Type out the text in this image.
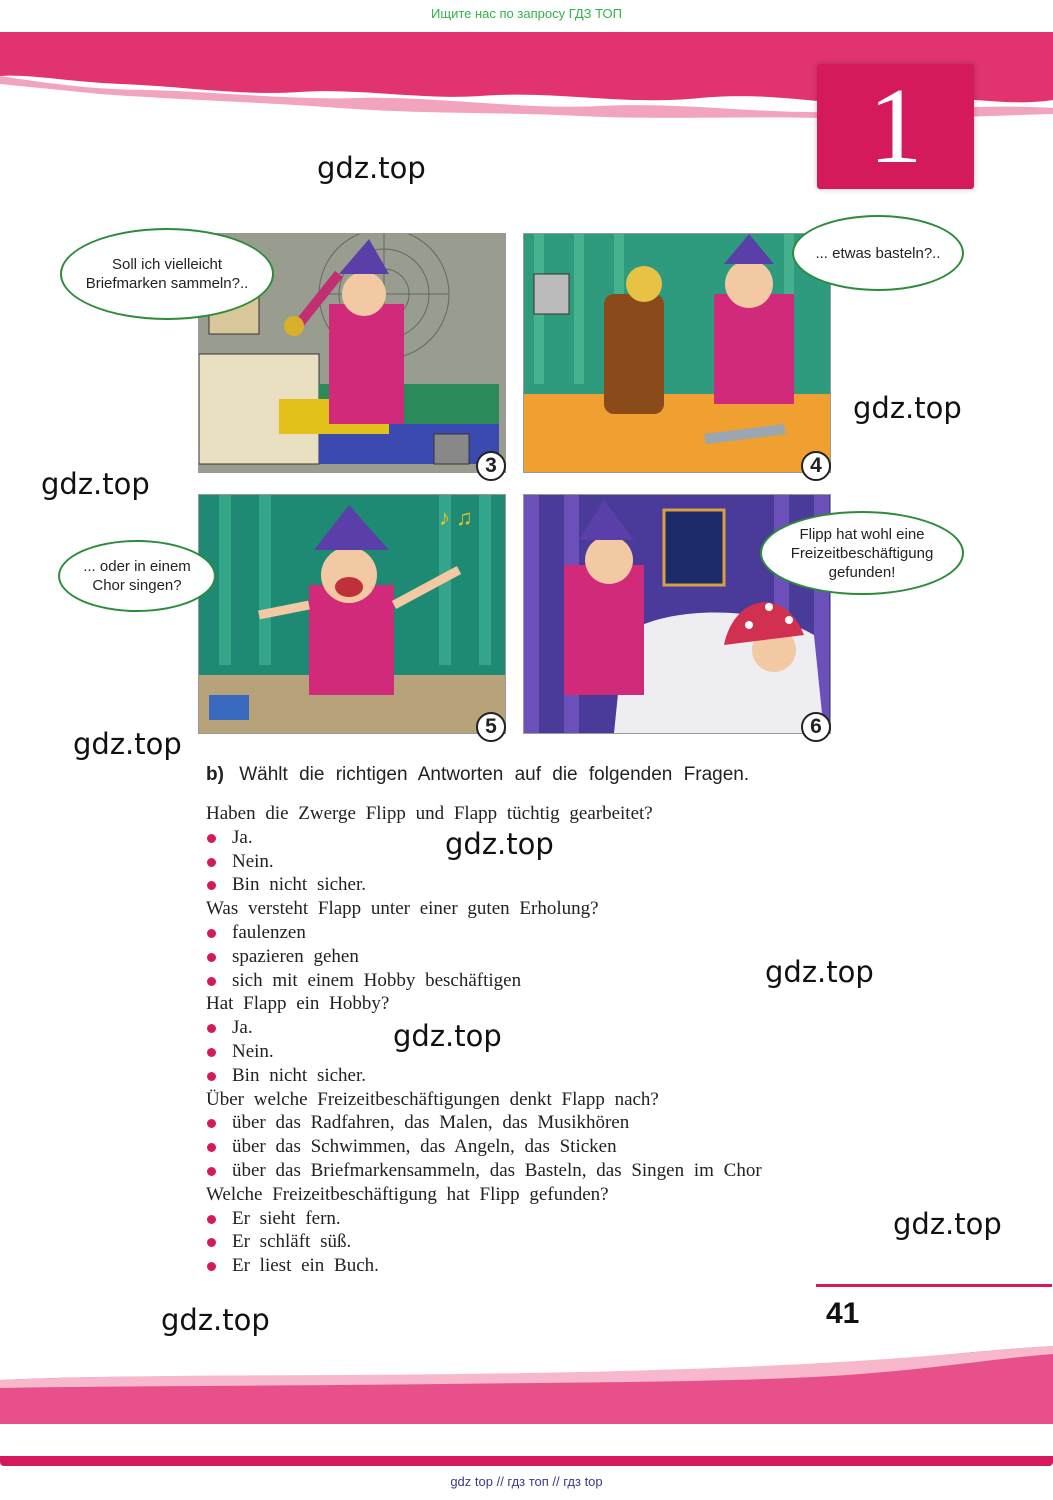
Ищите нас по запросу ГДЗ ТОП
1
gdz.top
gdz.top
gdz.top
gdz.top
gdz.top
gdz.top
gdz.top
gdz.top
gdz.top
3
Soll ich vielleicht Briefmarken sammeln?..
4
... etwas basteln?..
♪ ♫
5
... oder in einem Chor singen?
6
Flipp hat wohl eine Freizeitbeschäftigung gefunden!
b) Wählt die richtigen Antworten auf die folgenden Fragen.

Haben die Zwerge Flipp und Flapp tüchtig gearbeitet?

Ja.

Nein.

Bin nicht sicher.

Was versteht Flapp unter einer guten Erholung?

faulenzen

spazieren gehen

sich mit einem Hobby beschäftigen

Hat Flapp ein Hobby?

Ja.

Nein.

Bin nicht sicher.

Über welche Freizeitbeschäftigungen denkt Flapp nach?

über das Radfahren, das Malen, das Musikhören

über das Schwimmen, das Angeln, das Sticken

über das Briefmarkensammeln, das Basteln, das Singen im Chor

Welche Freizeitbeschäftigung hat Flipp gefunden?

Er sieht fern.

Er schläft süß.

Er liest ein Buch.

41
gdz top // гдз топ // гдз top
